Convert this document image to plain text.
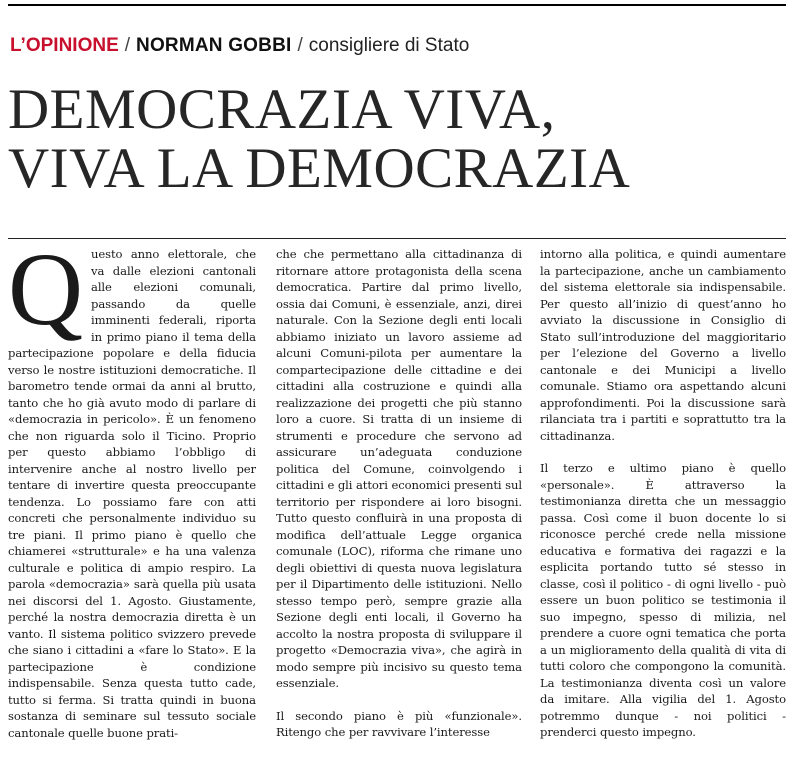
L’OPINIONE / NORMAN GOBBI / consigliere di Stato
DEMOCRAZIA VIVA,
VIVA LA DEMOCRAZIA

Questo anno elettorale, che va dalle elezioni cantonali alle elezioni comunali, passando da quelle imminenti federali, riporta in primo piano il tema della partecipazione popolare e della fiducia verso le nostre istituzioni democratiche. Il barometro tende ormai da anni al brutto, tanto che ho già avuto modo di parlare di «democrazia in pericolo». È un fenomeno che non riguarda solo il Ticino. Proprio per questo abbiamo l’obbligo di intervenire anche al nostro livello per tentare di invertire questa preoccupante tendenza. Lo possiamo fare con atti concreti che personalmente individuo su tre piani. Il primo piano è quello che chiamerei «strutturale» e ha una valenza culturale e politica di ampio respiro. La parola «democrazia» sarà quella più usata nei discorsi del 1. Agosto. Giustamente, perché la nostra democrazia diretta è un vanto. Il sistema politico svizzero prevede che siano i cittadini a «fare lo Stato». E la partecipazione è condizione indispensabile. Senza questa tutto cade, tutto si ferma. Si tratta quindi in buona sostanza di seminare sul tessuto sociale cantonale quelle buone prati-

che che permettano alla cittadinanza di ritornare attore protagonista della scena democratica. Partire dal primo livello, ossia dai Comuni, è essenziale, anzi, direi naturale. Con la Sezione degli enti locali abbiamo iniziato un lavoro assieme ad alcuni Comuni-pilota per aumentare la compartecipazione delle cittadine e dei cittadini alla costruzione e quindi alla realizzazione dei progetti che più stanno loro a cuore. Si tratta di un insieme di strumenti e procedure che servono ad assicurare un’adeguata conduzione politica del Comune, coinvolgendo i cittadini e gli attori economici presenti sul territorio per rispondere ai loro bisogni. Tutto questo confluirà in una proposta di modifica dell’attuale Legge organica comunale (LOC), riforma che rimane uno degli obiettivi di questa nuova legislatura per il Dipartimento delle istituzioni. Nello stesso tempo però, sempre grazie alla Sezione degli enti locali, il Governo ha accolto la nostra proposta di sviluppare il progetto «Democrazia viva», che agirà in modo sempre più incisivo su questo tema essenziale.

Il secondo piano è più «funzionale». Ritengo che per ravvivare l’interesse

intorno alla politica, e quindi aumentare la partecipazione, anche un cambiamento del sistema elettorale sia indispensabile. Per questo all’inizio di quest’anno ho avviato la discussione in Consiglio di Stato sull’introduzione del maggioritario per l’elezione del Governo a livello cantonale e dei Municipi a livello comunale. Stiamo ora aspettando alcuni approfondimenti. Poi la discussione sarà rilanciata tra i partiti e soprattutto tra la cittadinanza.

Il terzo e ultimo piano è quello «personale». È attraverso la testimonianza diretta che un messaggio passa. Così come il buon docente lo si riconosce perché crede nella missione educativa e formativa dei ragazzi e la esplicita portando tutto sé stesso in classe, così il politico - di ogni livello - può essere un buon politico se testimonia il suo impegno, spesso di milizia, nel prendere a cuore ogni tematica che porta a un miglioramento della qualità di vita di tutti coloro che compongono la comunità. La testimonianza diventa così un valore da imitare. Alla vigilia del 1. Agosto potremmo dunque - noi politici - prenderci questo impegno.
